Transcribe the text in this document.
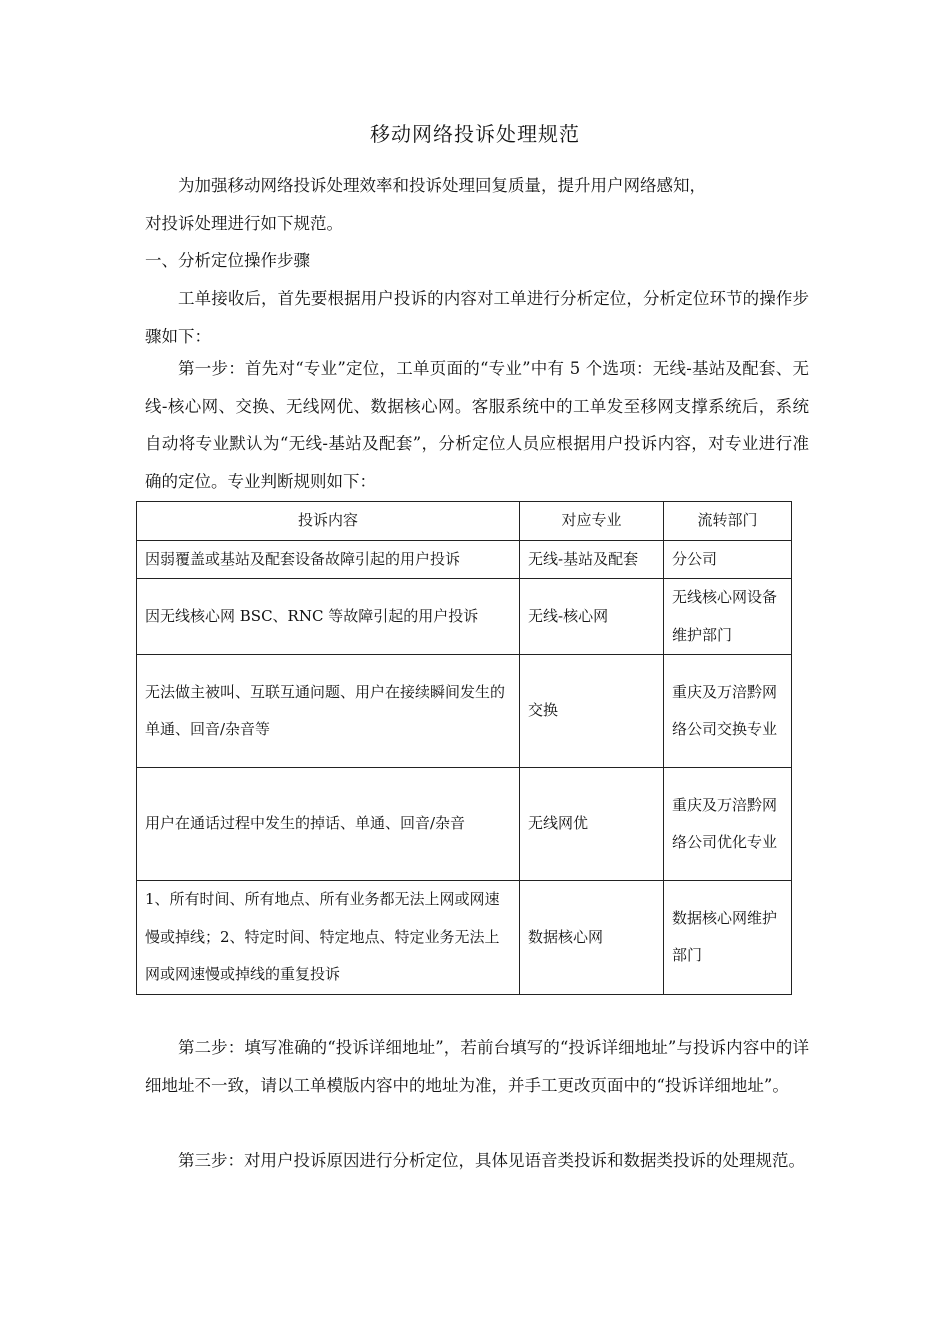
移动网络投诉处理规范
为加强移动网络投诉处理效率和投诉处理回复质量，提升用户网络感知，
对投诉处理进行如下规范。
一、分析定位操作步骤
工单接收后，首先要根据用户投诉的内容对工单进行分析定位，分析定位环节的操作步骤如下：
第一步：首先对“专业”定位，工单页面的“专业”中有 5 个选项：无线-基站及配套、无线-核心网、交换、无线网优、数据核心网。客服系统中的工单发至移网支撑系统后，系统自动将专业默认为“无线-基站及配套”，分析定位人员应根据用户投诉内容，对专业进行准确的定位。专业判断规则如下：
投诉内容	对应专业	流转部门
因弱覆盖或基站及配套设备故障引起的用户投诉	无线-基站及配套	分公司
因无线核心网 BSC、RNC 等故障引起的用户投诉	无线-核心网	无线核心网设备维护部门
无法做主被叫、互联互通问题、用户在接续瞬间发生的单通、回音/杂音等	交换	重庆及万涪黔网络公司交换专业
用户在通话过程中发生的掉话、单通、回音/杂音	无线网优	重庆及万涪黔网络公司优化专业
1、所有时间、所有地点、所有业务都无法上网或网速慢或掉线；2、特定时间、特定地点、特定业务无法上网或网速慢或掉线的重复投诉	数据核心网	数据核心网维护部门
第二步：填写准确的“投诉详细地址”，若前台填写的“投诉详细地址”与投诉内容中的详细地址不一致，请以工单模版内容中的地址为准，并手工更改页面中的“投诉详细地址”。
第三步：对用户投诉原因进行分析定位，具体见语音类投诉和数据类投诉的处理规范。
